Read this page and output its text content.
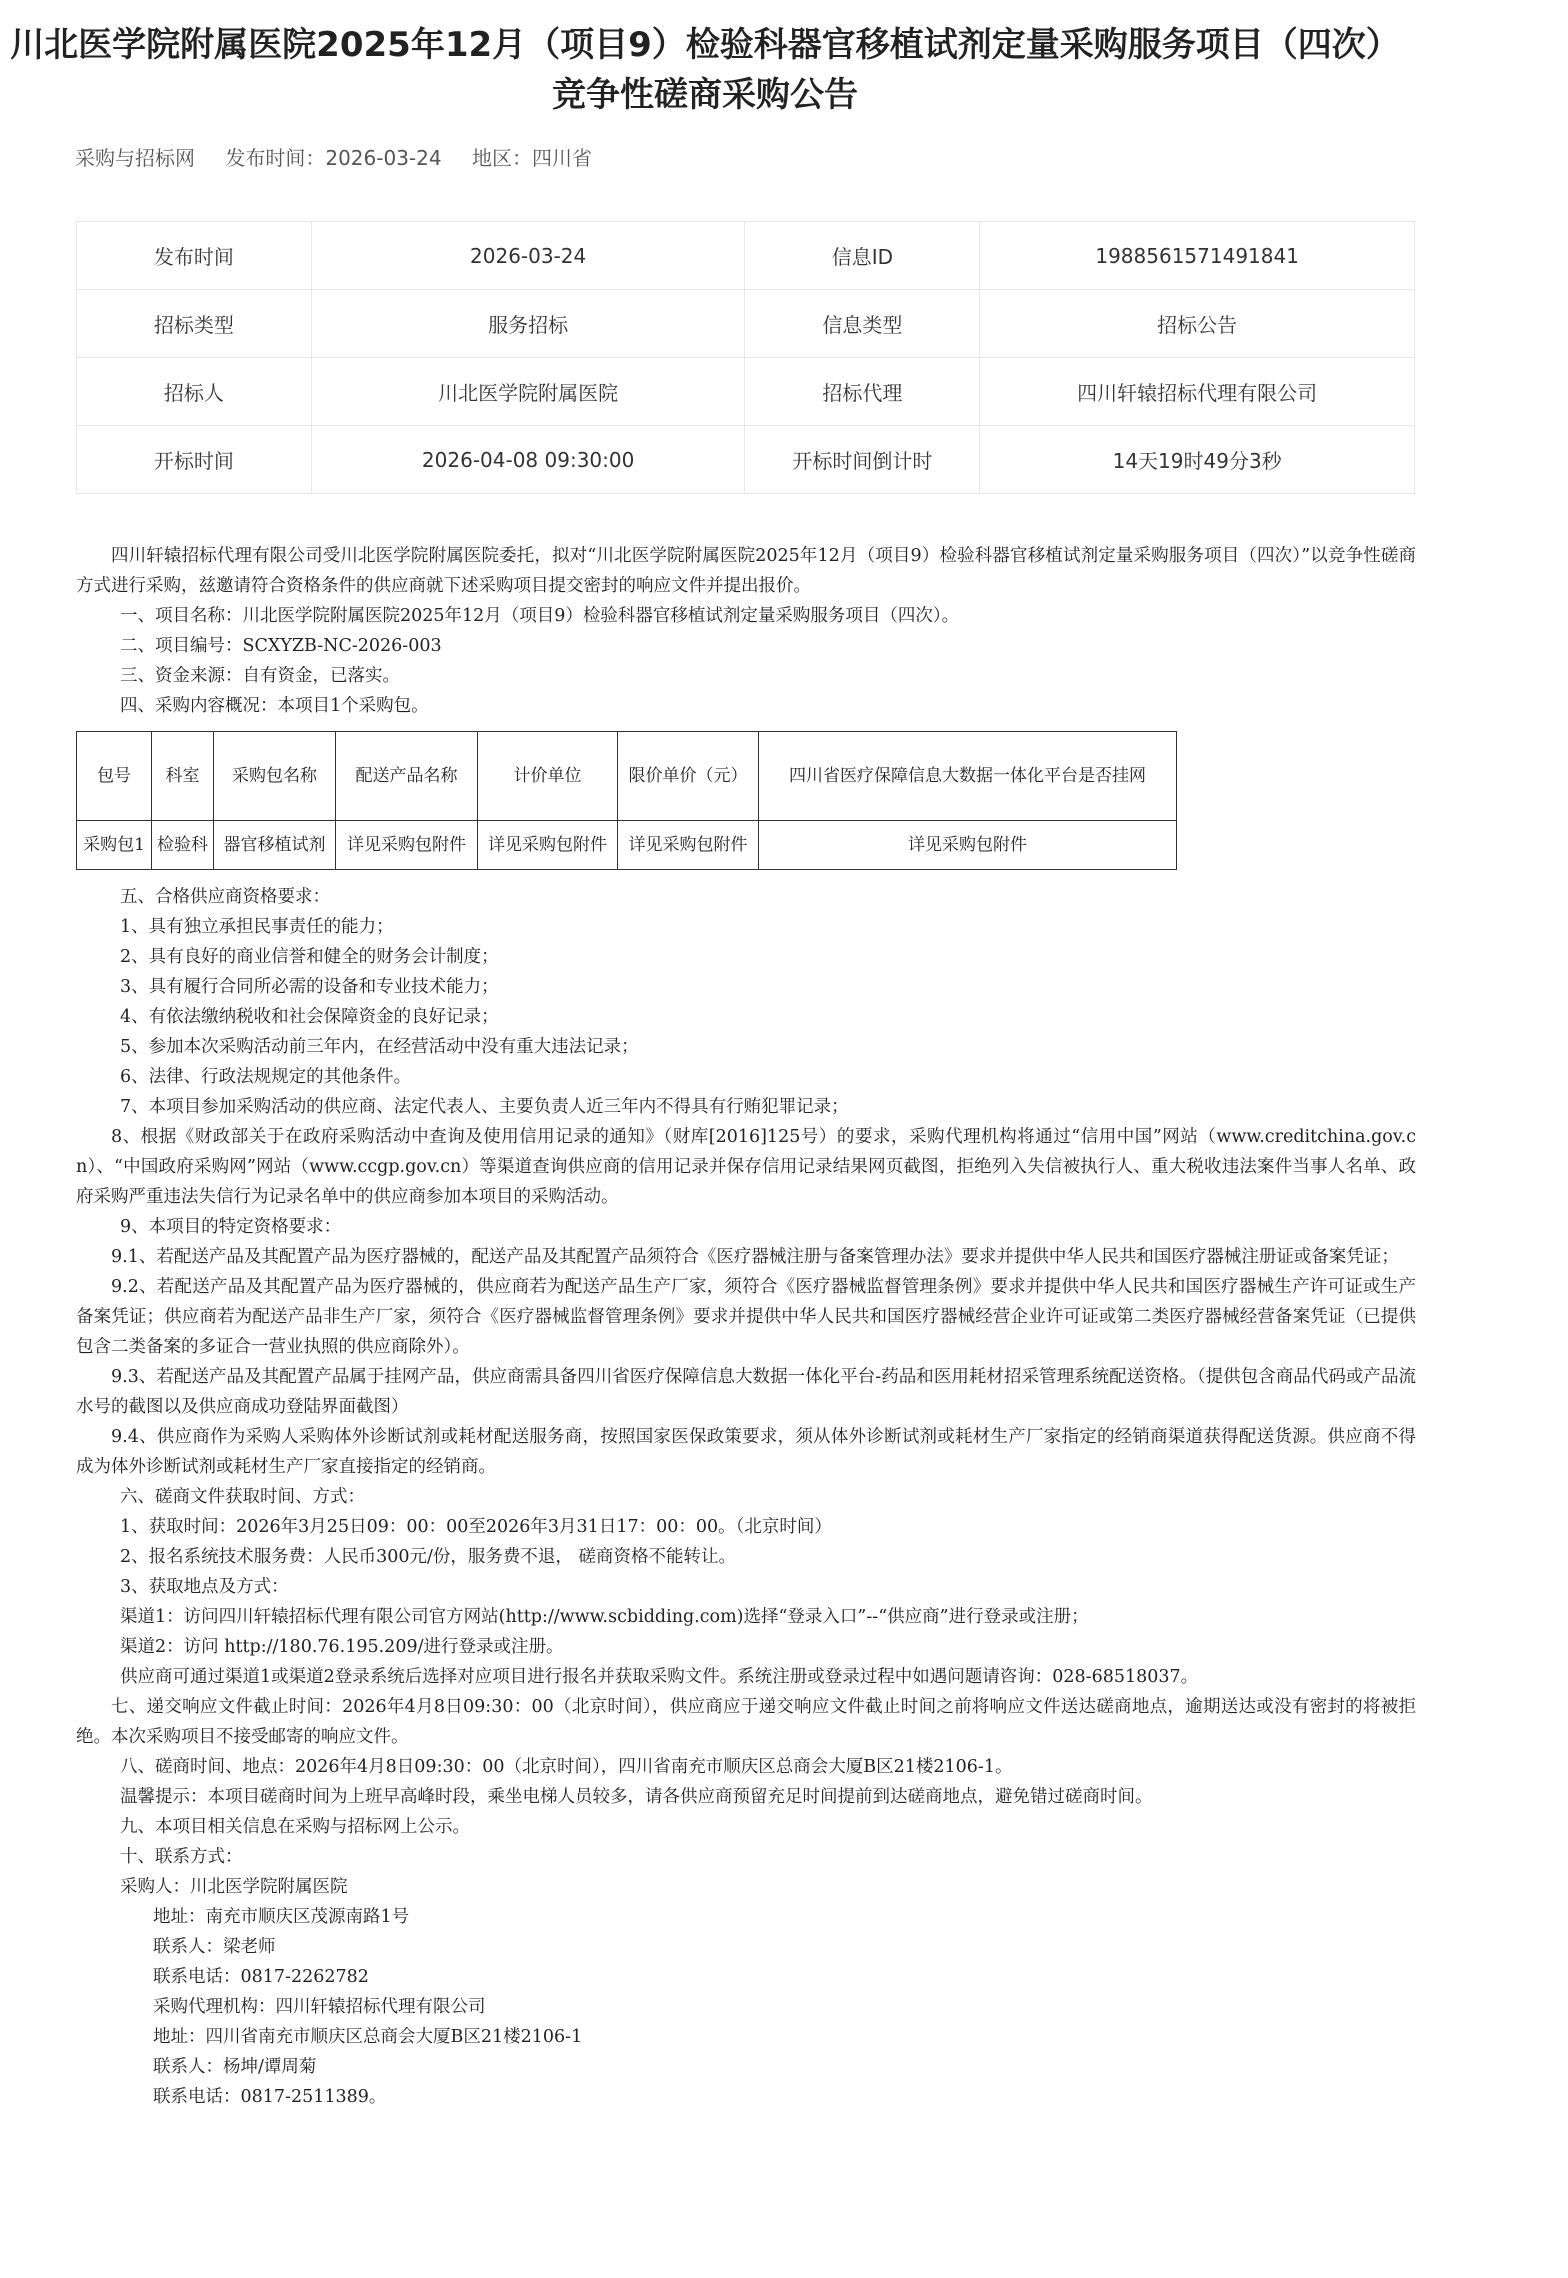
川北医学院附属医院2025年12月（项目9）检验科器官移植试剂定量采购服务项目（四次）竞争性磋商采购公告
采购与招标网 发布时间：2026-03-24 地区：四川省
发布时间	2026-03-24	信息ID	1988561571491841
招标类型	服务招标	信息类型	招标公告
招标人	川北医学院附属医院	招标代理	四川轩辕招标代理有限公司
开标时间	2026-04-08 09:30:00	开标时间倒计时	14天19时49分3秒
四川轩辕招标代理有限公司受川北医学院附属医院委托，拟对“川北医学院附属医院2025年12月（项目9）检验科器官移植试剂定量采购服务项目（四次）”以竞争性磋商方式进行采购，兹邀请符合资格条件的供应商就下述采购项目提交密封的响应文件并提出报价。
一、项目名称：川北医学院附属医院2025年12月（项目9）检验科器官移植试剂定量采购服务项目（四次）。
二、项目编号：SCXYZB-NC-2026-003
三、资金来源：自有资金，已落实。
四、采购内容概况：本项目1个采购包。
包号	科室	采购包名称	配送产品名称	计价单位	限价单价（元）	四川省医疗保障信息大数据一体化平台是否挂网
采购包1	检验科	器官移植试剂	详见采购包附件	详见采购包附件	详见采购包附件	详见采购包附件
五、合格供应商资格要求：
1、具有独立承担民事责任的能力；
2、具有良好的商业信誉和健全的财务会计制度；
3、具有履行合同所必需的设备和专业技术能力；
4、有依法缴纳税收和社会保障资金的良好记录；
5、参加本次采购活动前三年内，在经营活动中没有重大违法记录；
6、法律、行政法规规定的其他条件。
7、本项目参加采购活动的供应商、法定代表人、主要负责人近三年内不得具有行贿犯罪记录；
8、根据《财政部关于在政府采购活动中查询及使用信用记录的通知》（财库[2016]125号）的要求，采购代理机构将通过“信用中国”网站（www.creditchina.gov.cn）、“中国政府采购网”网站（www.ccgp.gov.cn）等渠道查询供应商的信用记录并保存信用记录结果网页截图，拒绝列入失信被执行人、重大税收违法案件当事人名单、政府采购严重违法失信行为记录名单中的供应商参加本项目的采购活动。
9、本项目的特定资格要求：
9.1、若配送产品及其配置产品为医疗器械的，配送产品及其配置产品须符合《医疗器械注册与备案管理办法》要求并提供中华人民共和国医疗器械注册证或备案凭证；
9.2、若配送产品及其配置产品为医疗器械的，供应商若为配送产品生产厂家，须符合《医疗器械监督管理条例》要求并提供中华人民共和国医疗器械生产许可证或生产备案凭证；供应商若为配送产品非生产厂家，须符合《医疗器械监督管理条例》要求并提供中华人民共和国医疗器械经营企业许可证或第二类医疗器械经营备案凭证（已提供包含二类备案的多证合一营业执照的供应商除外）。
9.3、若配送产品及其配置产品属于挂网产品，供应商需具备四川省医疗保障信息大数据一体化平台-药品和医用耗材招采管理系统配送资格。（提供包含商品代码或产品流水号的截图以及供应商成功登陆界面截图）
9.4、供应商作为采购人采购体外诊断试剂或耗材配送服务商，按照国家医保政策要求，须从体外诊断试剂或耗材生产厂家指定的经销商渠道获得配送货源。供应商不得成为体外诊断试剂或耗材生产厂家直接指定的经销商。
六、磋商文件获取时间、方式：
1、获取时间：2026年3月25日09：00：00至2026年3月31日17：00：00。（北京时间）
2、报名系统技术服务费：人民币300元/份，服务费不退， 磋商资格不能转让。
3、获取地点及方式：
渠道1：访问四川轩辕招标代理有限公司官方网站(http://www.scbidding.com)选择“登录入口”--“供应商”进行登录或注册；
渠道2：访问 http://180.76.195.209/进行登录或注册。
供应商可通过渠道1或渠道2登录系统后选择对应项目进行报名并获取采购文件。系统注册或登录过程中如遇问题请咨询：028-68518037。
七、递交响应文件截止时间：2026年4月8日09:30：00（北京时间），供应商应于递交响应文件截止时间之前将响应文件送达磋商地点，逾期送达或没有密封的将被拒绝。本次采购项目不接受邮寄的响应文件。
八、磋商时间、地点：2026年4月8日09:30：00（北京时间），四川省南充市顺庆区总商会大厦B区21楼2106-1。
温馨提示：本项目磋商时间为上班早高峰时段，乘坐电梯人员较多，请各供应商预留充足时间提前到达磋商地点，避免错过磋商时间。
九、本项目相关信息在采购与招标网上公示。
十、联系方式：
采购人：川北医学院附属医院
地址：南充市顺庆区茂源南路1号
联系人：梁老师
联系电话：0817-2262782
采购代理机构：四川轩辕招标代理有限公司
地址：四川省南充市顺庆区总商会大厦B区21楼2106-1
联系人：杨坤/谭周菊
联系电话：0817-2511389。
